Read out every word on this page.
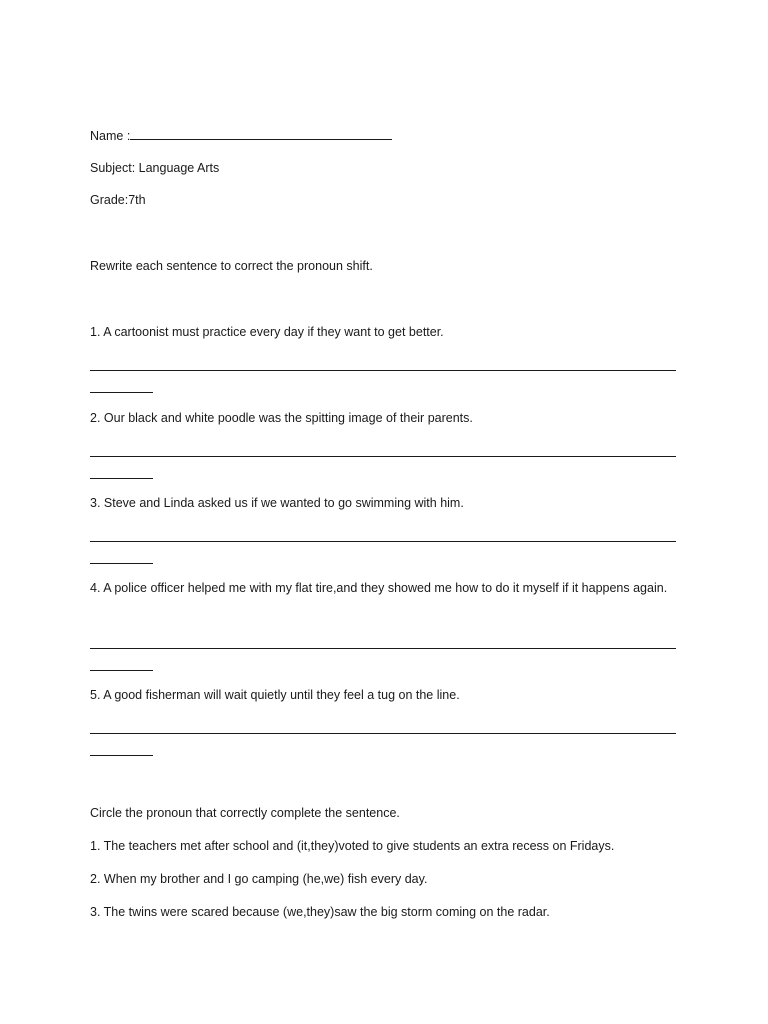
Name :
Subject: Language Arts
Grade:7th
Rewrite each sentence to correct the pronoun shift.
1. A cartoonist must practice every day if they want to get better.
2. Our black and white poodle was the spitting image of their parents.
3. Steve and Linda asked us if we wanted to go swimming with him.
4. A police officer helped me with my flat tire,and they showed me how to do it myself if it happens again.
5. A good fisherman will wait quietly until they feel a tug on the line.
Circle the pronoun that correctly complete the sentence.
1. The teachers met after school and (it,they)voted to give students an extra recess on Fridays.
2. When my brother and I go camping (he,we) fish every day.
3. The twins were scared because (we,they)saw the big storm coming on the radar.
